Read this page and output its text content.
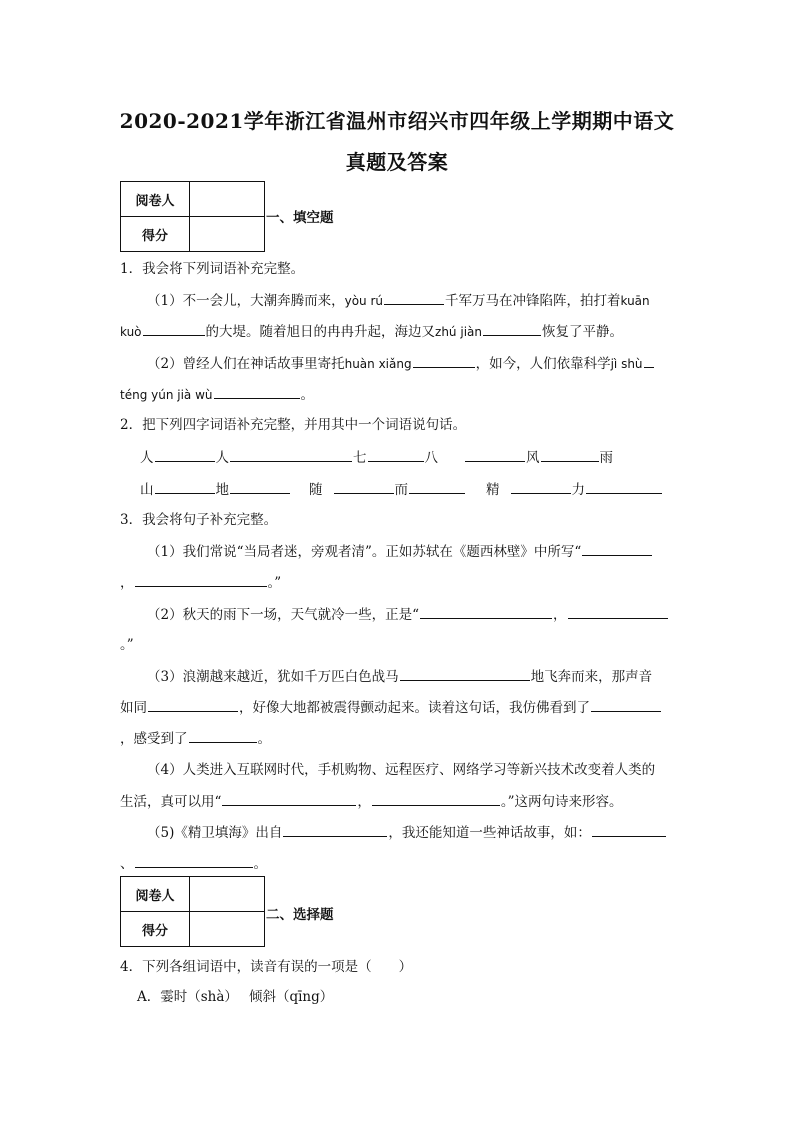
2020-2021学年浙江省温州市绍兴市四年级上学期期中语文
真题及答案
阅卷人	
得分	
一、填空题
1．我会将下列词语补充完整。
（1）不一会儿，大潮奔腾而来，yòu rú	千军万马在冲锋陷阵，拍打着kuān
kuò	的大堤。随着旭日的冉冉升起，海边又zhú jiàn	恢复了平静。
（2）曾经人们在神话故事里寄托huàn xiǎng	，如今，人们依靠科学jì shù
téng yún jià wù	。
2．把下列四字词语补充完整，并用其中一个词语说句话。
人	人	七	八	风	雨
山	地	随	而	精	力
3．我会将句子补充完整。
（1）我们常说“当局者迷，旁观者清”。正如苏轼在《题西林壁》中所写“
，	。”
（2）秋天的雨下一场，天气就冷一些，正是“	，
。”
（3）浪潮越来越近，犹如千万匹白色战马	地飞奔而来，那声音
如同	，好像大地都被震得颤动起来。读着这句话，我仿佛看到了
，感受到了	。
（4）人类进入互联网时代，手机购物、远程医疗、网络学习等新兴技术改变着人类的
生活，真可以用“	，	。”这两句诗来形容。
（5)《精卫填海》出自	，我还能知道一些神话故事，如：
、	。
阅卷人	
得分	
二、选择题
4．下列各组词语中，读音有误的一项是（　　）
A．霎时（shà）　 倾斜（qīng）
